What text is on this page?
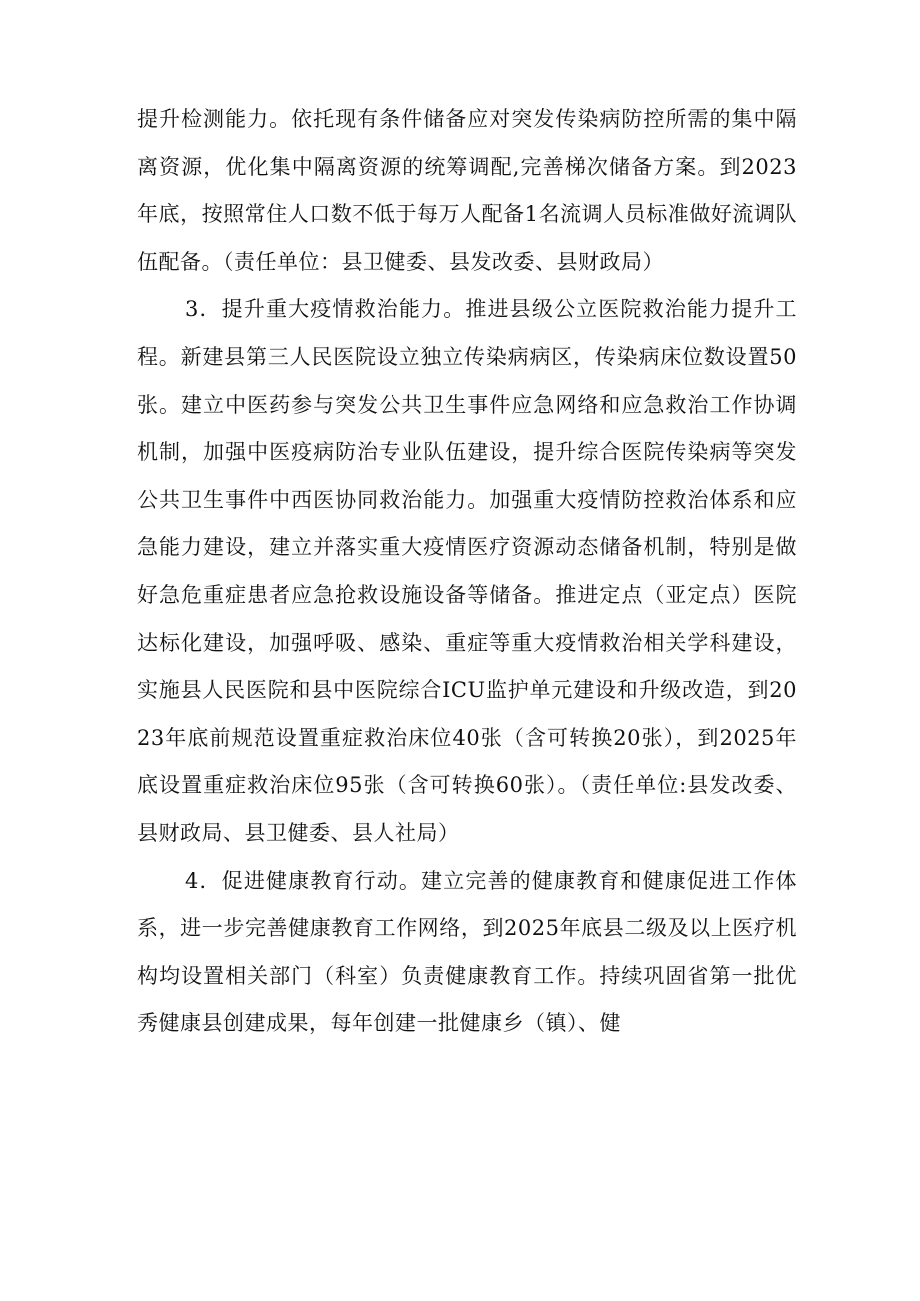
提升检测能力。依托现有条件储备应对突发传染病防控所需的集中隔离资源，优化集中隔离资源的统筹调配,完善梯次储备方案。到2023年底，按照常住人口数不低于每万人配备1名流调人员标准做好流调队伍配备。（责任单位：县卫健委、县发改委、县财政局）

3．提升重大疫情救治能力。推进县级公立医院救治能力提升工程。新建县第三人民医院设立独立传染病病区，传染病床位数设置50张。建立中医药参与突发公共卫生事件应急网络和应急救治工作协调机制，加强中医疫病防治专业队伍建设，提升综合医院传染病等突发公共卫生事件中西医协同救治能力。加强重大疫情防控救治体系和应急能力建设，建立并落实重大疫情医疗资源动态储备机制，特别是做好急危重症患者应急抢救设施设备等储备。推进定点（亚定点）医院达标化建设，加强呼吸、感染、重症等重大疫情救治相关学科建设，实施县人民医院和县中医院综合ICU监护单元建设和升级改造，到2023年底前规范设置重症救治床位40张（含可转换20张），到2025年底设置重症救治床位95张（含可转换60张）。（责任单位:县发改委、县财政局、县卫健委、县人社局）

4．促进健康教育行动。建立完善的健康教育和健康促进工作体系，进一步完善健康教育工作网络，到2025年底县二级及以上医疗机构均设置相关部门（科室）负责健康教育工作。持续巩固省第一批优秀健康县创建成果，每年创建一批健康乡（镇）、健
